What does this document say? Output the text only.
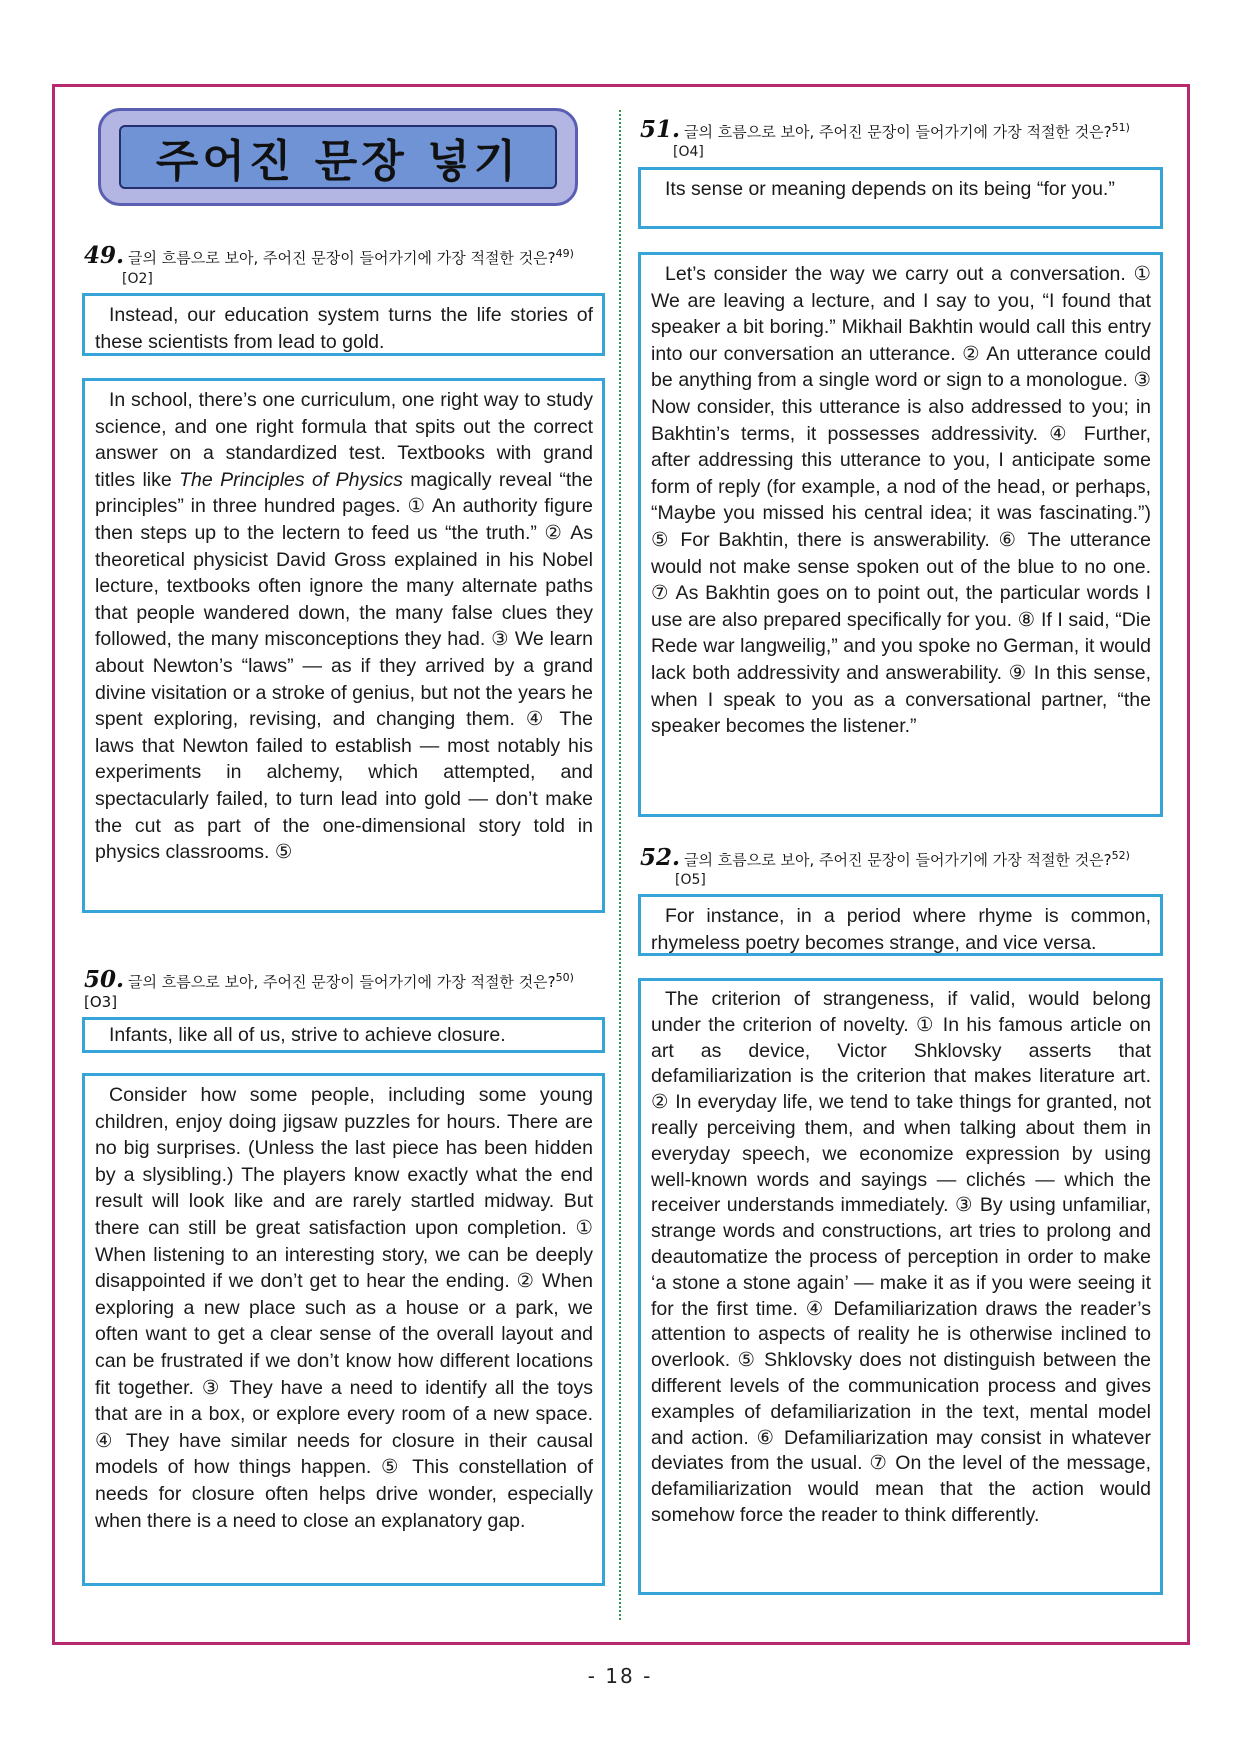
주어진 문장 넣기
49. 글의 흐름으로 보아, 주어진 문장이 들어가기에 가장 적절한 것은?$^{49)}$
[O2]

Instead, our education system turns the life stories of these scientists from lead to gold.

In school, there’s one curriculum, one right way to study science, and one right formula that spits out the correct answer on a standardized test. Textbooks with grand titles like The Principles of Physics magically reveal “the principles” in three hundred pages. ① An authority figure then steps up to the lectern to feed us “the truth.” ② As theoretical physicist David Gross explained in his Nobel lecture, textbooks often ignore the many alternate paths that people wandered down, the many false clues they followed, the many misconceptions they had. ③ We learn about Newton’s “laws” — as if they arrived by a grand divine visitation or a stroke of genius, but not the years he spent exploring, revising, and changing them. ④ The laws that Newton failed to establish — most notably his experiments in alchemy, which attempted, and spectacularly failed, to turn lead into gold — don’t make the cut as part of the one-dimensional story told in physics classrooms. ⑤

50. 글의 흐름으로 보아, 주어진 문장이 들어가기에 가장 적절한 것은?$^{50)}$[O3]

Infants, like all of us, strive to achieve closure.

Consider how some people, including some young children, enjoy doing jigsaw puzzles for hours. There are no big surprises. (Unless the last piece has been hidden by a slysibling.) The players know exactly what the end result will look like and are rarely startled midway. But there can still be great satisfaction upon completion. ① When listening to an interesting story, we can be deeply disappointed if we don’t get to hear the ending. ② When exploring a new place such as a house or a park, we often want to get a clear sense of the overall layout and can be frustrated if we don’t know how different locations fit together. ③ They have a need to identify all the toys that are in a box, or explore every room of a new space. ④ They have similar needs for closure in their causal models of how things happen. ⑤ This constellation of needs for closure often helps drive wonder, especially when there is a need to close an explanatory gap.

51. 글의 흐름으로 보아, 주어진 문장이 들어가기에 가장 적절한 것은?$^{51)}$
[O4]

Its sense or meaning depends on its being “for you.”

Let’s consider the way we carry out a conversation. ① We are leaving a lecture, and I say to you, “I found that speaker a bit boring.” Mikhail Bakhtin would call this entry into our conversation an utterance. ② An utterance could be anything from a single word or sign to a monologue. ③ Now consider, this utterance is also addressed to you; in Bakhtin’s terms, it possesses addressivity. ④ Further, after addressing this utterance to you, I anticipate some form of reply (for example, a nod of the head, or perhaps, “Maybe you missed his central idea; it was fascinating.”) ⑤ For Bakhtin, there is answerability. ⑥ The utterance would not make sense spoken out of the blue to no one. ⑦ As Bakhtin goes on to point out, the particular words I use are also prepared specifically for you. ⑧ If I said, “Die Rede war langweilig,” and you spoke no German, it would lack both addressivity and answerability. ⑨ In this sense, when I speak to you as a conversational partner, “the speaker becomes the listener.”

52. 글의 흐름으로 보아, 주어진 문장이 들어가기에 가장 적절한 것은?$^{52)}$
[O5]

For instance, in a period where rhyme is common, rhymeless poetry becomes strange, and vice versa.

The criterion of strangeness, if valid, would belong under the criterion of novelty. ① In his famous article on art as device, Victor Shklovsky asserts that defamiliarization is the criterion that makes literature art. ② In everyday life, we tend to take things for granted, not really perceiving them, and when talking about them in everyday speech, we economize expression by using well-known words and sayings — clichés — which the receiver understands immediately. ③ By using unfamiliar, strange words and constructions, art tries to prolong and deautomatize the process of perception in order to make ‘a stone a stone again’ — make it as if you were seeing it for the first time. ④ Defamiliarization draws the reader’s attention to aspects of reality he is otherwise inclined to overlook. ⑤ Shklovsky does not distinguish between the different levels of the communication process and gives examples of defamiliarization in the text, mental model and action. ⑥ Defamiliarization may consist in whatever deviates from the usual. ⑦ On the level of the message, defamiliarization would mean that the action would somehow force the reader to think differently.

- 18 -
